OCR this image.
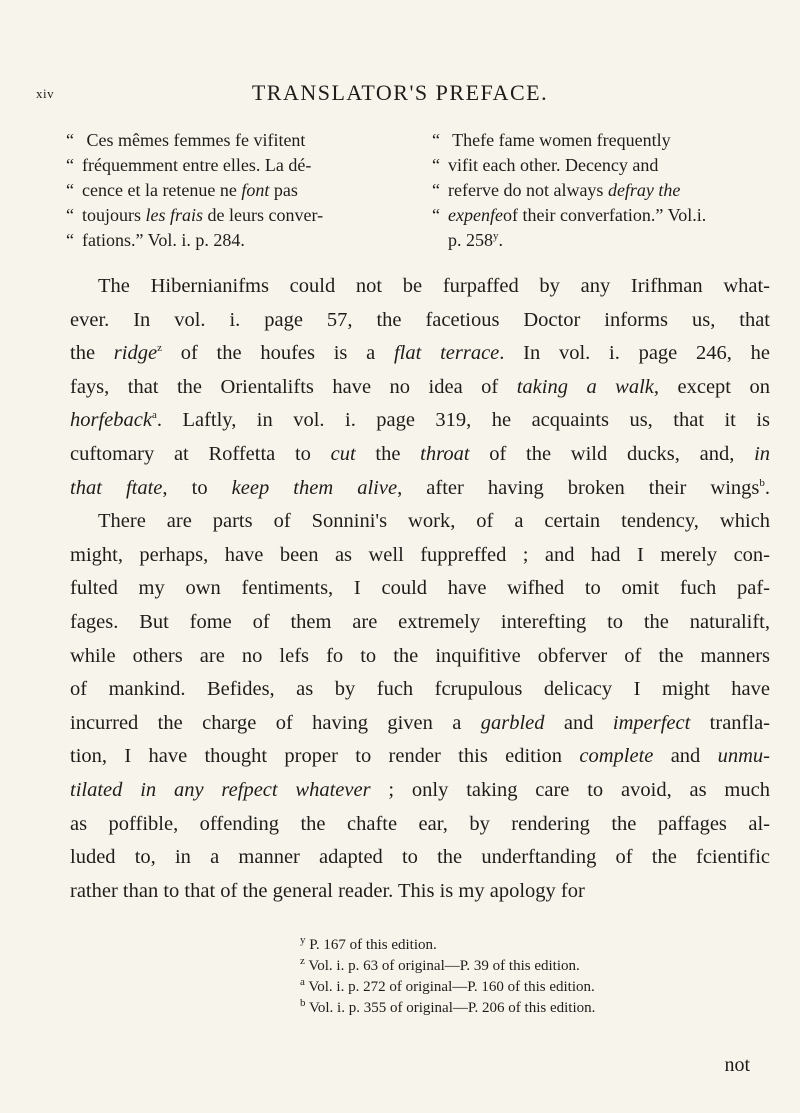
xiv	TRANSLATOR'S PREFACE.
“ Ces mêmes femmes fe vifitent
“ fréquemment entre elles. La dé-
“ cence et la retenue ne font pas
“ toujours les frais de leurs conver-
“ fations.” Vol. i. p. 284.
“ Thefe fame women frequently
“ vifit each other. Decency and
“ referve do not always defray the
“ expenfeof their converfation.” Vol.i.
p. 258$^y$.
The Hibernianifms could not be furpaffed by any Irifhman what-
ever. In vol. i. page 57, the facetious Doctor informs us, that
the ridge$^z$ of the houfes is a flat terrace. In vol. i. page 246, he
fays, that the Orientalifts have no idea of taking a walk, except on
horfeback$^a$. Laftly, in vol. i. page 319, he acquaints us, that it is
cuftomary at Roffetta to cut the throat of the wild ducks, and, in
that ftate, to keep them alive, after having broken their wings$^b$.
There are parts of Sonnini's work, of a certain tendency, which
might, perhaps, have been as well fuppreffed ; and had I merely con-
fulted my own fentiments, I could have wifhed to omit fuch paf-
fages. But fome of them are extremely interefting to the naturalift,
while others are no lefs fo to the inquifitive obferver of the manners
of mankind. Befides, as by fuch fcrupulous delicacy I might have
incurred the charge of having given a garbled and imperfect tranfla-
tion, I have thought proper to render this edition complete and unmu-
tilated in any refpect whatever ; only taking care to avoid, as much
as poffible, offending the chafte ear, by rendering the paffages al-
luded to, in a manner adapted to the underftanding of the fcientific
rather than to that of the general reader. This is my apology for
$^y$ P. 167 of this edition.
$^z$ Vol. i. p. 63 of original—P. 39 of this edition.
$^a$ Vol. i. p. 272 of original—P. 160 of this edition.
$^b$ Vol. i. p. 355 of original—P. 206 of this edition.
not
